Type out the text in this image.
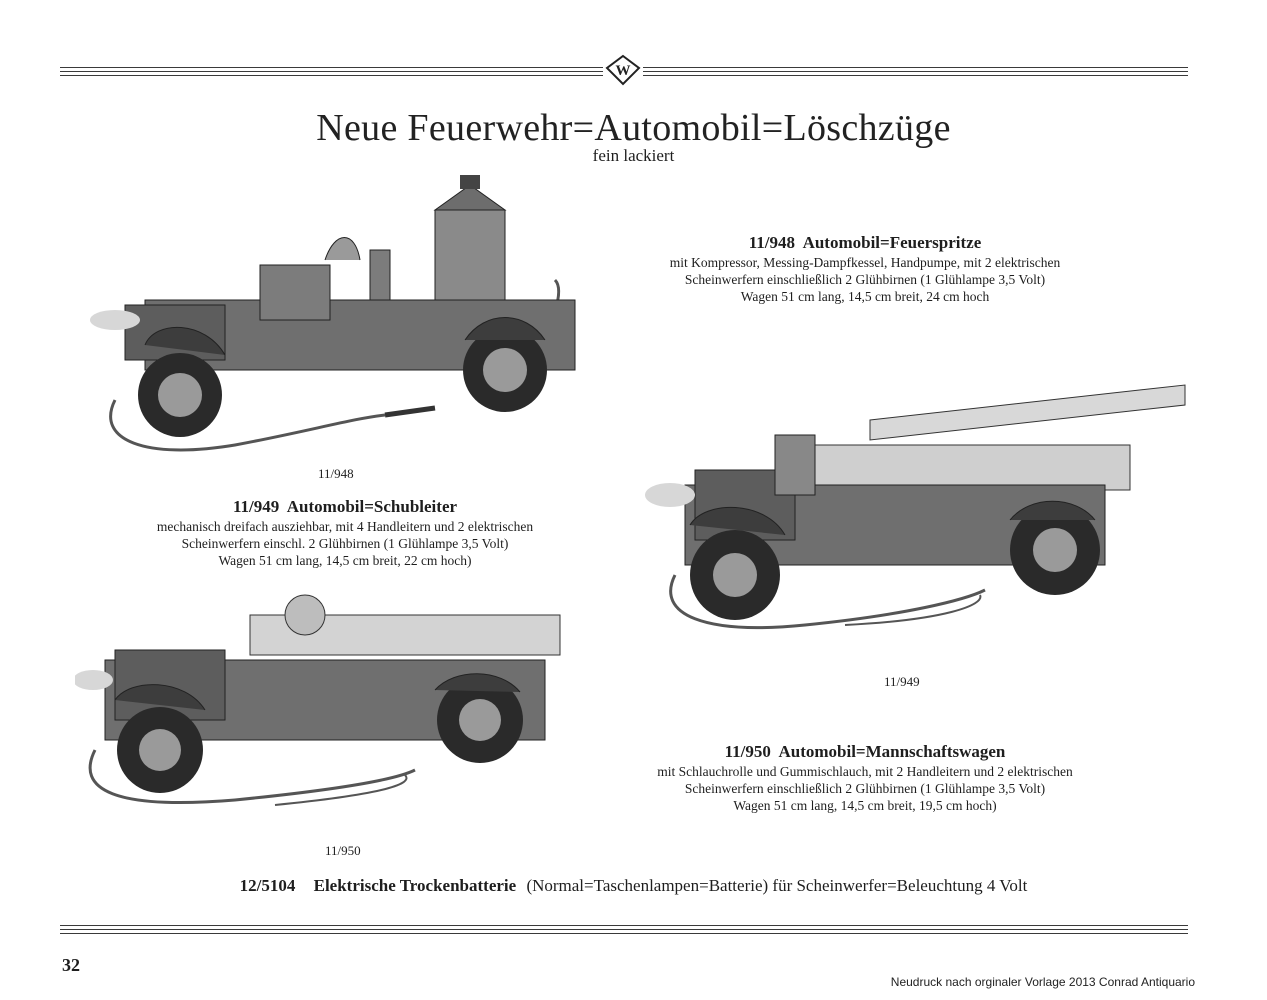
W
Neue Feuerwehr=Automobil=Löschzüge
fein lackiert
11/948
11/948  Automobil=Feuerspritze
mit Kompressor, Messing-Dampfkessel, Handpumpe, mit 2 elektrischen
Scheinwerfern einschließlich 2 Glühbirnen (1 Glühlampe 3,5 Volt)
Wagen 51 cm lang, 14,5 cm breit, 24 cm hoch
11/949  Automobil=Schubleiter
mechanisch dreifach ausziehbar, mit 4 Handleitern und 2 elektrischen
Scheinwerfern einschl. 2 Glühbirnen (1 Glühlampe 3,5 Volt)
Wagen 51 cm lang, 14,5 cm breit, 22 cm hoch)
11/949
11/950
11/950  Automobil=Mannschaftswagen
mit Schlauchrolle und Gummischlauch, mit 2 Handleitern und 2 elektrischen
Scheinwerfern einschließlich 2 Glühbirnen (1 Glühlampe 3,5 Volt)
Wagen 51 cm lang, 14,5 cm breit, 19,5 cm hoch)
12/5104 Elektrische Trockenbatterie (Normal=Taschenlampen=Batterie) für Scheinwerfer=Beleuchtung 4 Volt
32
Neudruck nach orginaler Vorlage 2013 Conrad Antiquario
